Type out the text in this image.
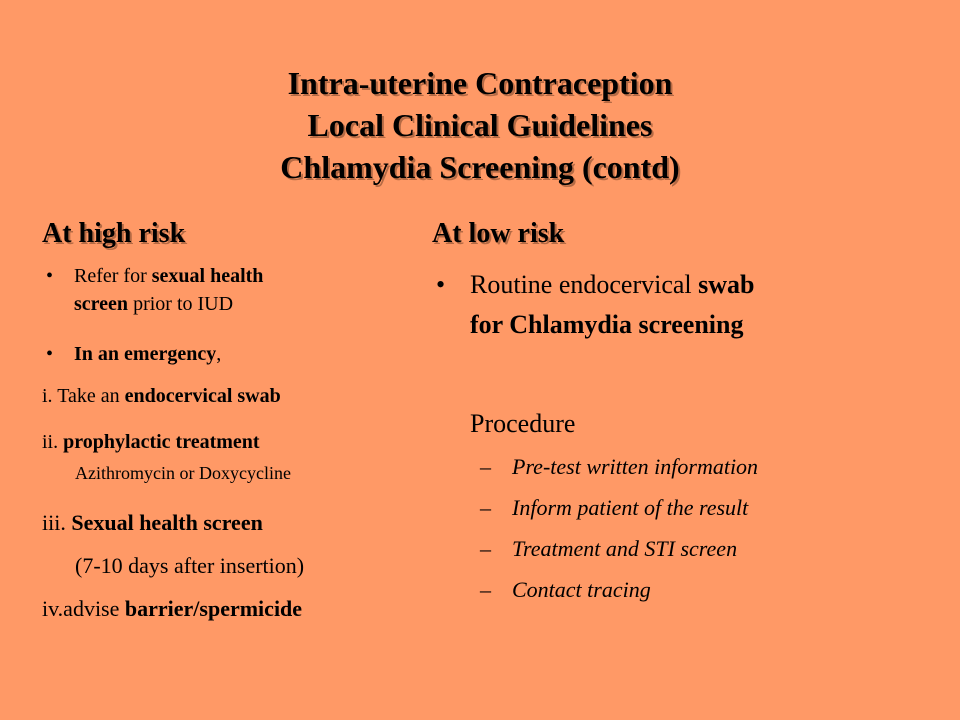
Intra-uterine Contraception
Local Clinical Guidelines
Chlamydia Screening (contd)
At high risk
• Refer for sexual health
screen prior to IUD
• In an emergency,
i. Take an endocervical swab
ii. prophylactic treatment
Azithromycin or Doxycycline
iii. Sexual health screen
(7-10 days after insertion)
iv.advise barrier/spermicide
At low risk
• Routine endocervical swab
for Chlamydia screening
Procedure
– Pre-test written information
– Inform patient of the result
– Treatment and STI screen
– Contact tracing
